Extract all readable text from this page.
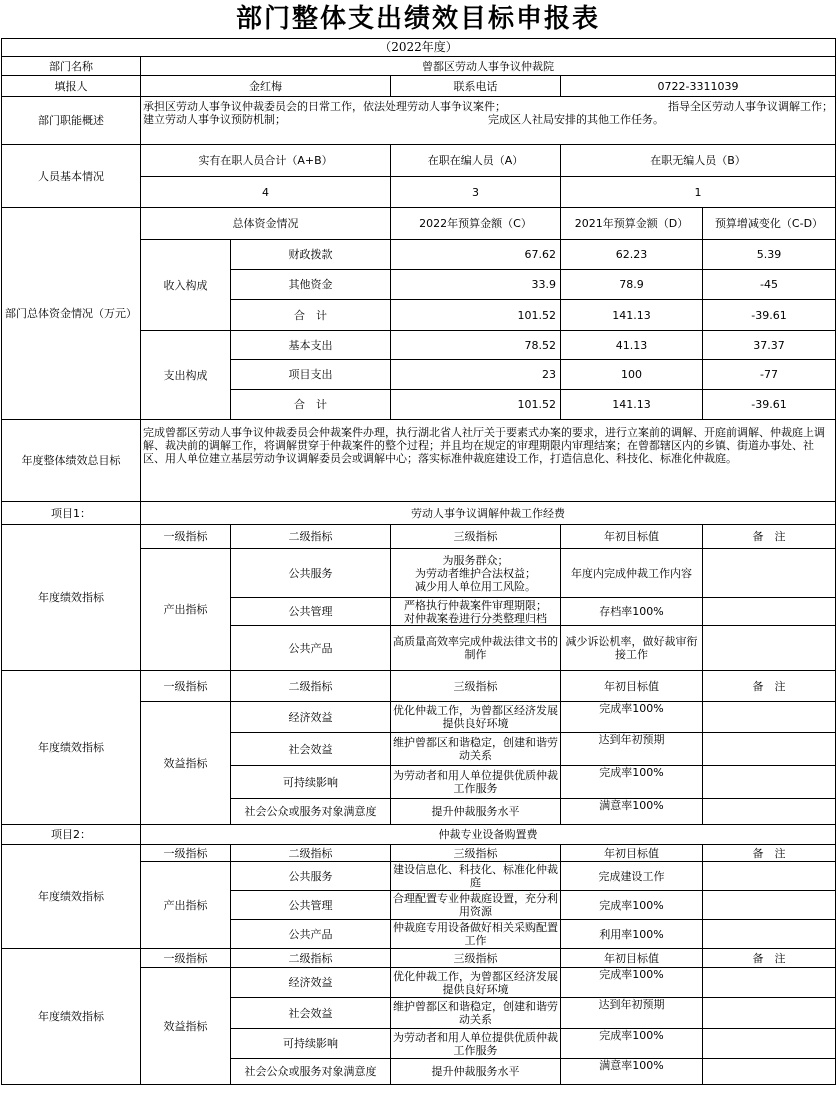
部门整体支出绩效目标申报表
（2022年度）					
部门名称	曾都区劳动人事争议仲裁院				
填报人	金红梅		联系电话	0722-3311039	
部门职能概述	承担区劳动人事争议仲裁委员会的日常工作，依法处理劳动人事争议案件； 指导全区劳动人事争议调解工作；
建立劳动人事争议预防机制； 完成区人社局安排的其他工作任务。				

人员基本情况	实有在职人员合计（A+B）		在职在编人员（A）	在职无编人员（B）	
	4		3	1	
部门总体资金情况（万元）	总体资金情况		2022年预算金额（C）	2021年预算金额（D）	预算增减变化（C-D）
	收入构成	财政拨款	67.62	62.23	5.39
		其他资金	33.9	78.9	-45
		合　计	101.52	141.13	-39.61
	支出构成	基本支出	78.52	41.13	37.37
		项目支出	23	100	-77
		合　计	101.52	141.13	-39.61
年度整体绩效总目标	完成曾都区劳动人事争议仲裁委员会仲裁案件办理，执行湖北省人社厅关于要素式办案的要求，进行立案前的调解、开庭前调解、仲裁庭上调解、裁决前的调解工作，将调解贯穿于仲裁案件的整个过程；并且均在规定的审理期限内审理结案；在曾都辖区内的乡镇、街道办事处、社区、用人单位建立基层劳动争议调解委员会或调解中心；落实标准仲裁庭建设工作，打造信息化、科技化、标准化仲裁庭。				
项目1：	劳动人事争议调解仲裁工作经费				
年度绩效指标	一级指标	二级指标	三级指标	年初目标值	备　注
	产出指标	公共服务	为服务群众；
为劳动者维护合法权益；
减少用人单位用工风险。	年度内完成仲裁工作内容	
		公共管理	严格执行仲裁案件审理期限；
对仲裁案卷进行分类整理归档	存档率100%	
		公共产品	高质量高效率完成仲裁法律文书的制作	减少诉讼机率，做好裁审衔接工作	
年度绩效指标	一级指标	二级指标	三级指标	年初目标值	备　注
	效益指标	经济效益	优化仲裁工作，为曾都区经济发展提供良好环境	完成率100%	
		社会效益	维护曾都区和谐稳定，创建和谐劳动关系	达到年初预期	
		可持续影响	为劳动者和用人单位提供优质仲裁工作服务	完成率100%	
		社会公众或服务对象满意度	提升仲裁服务水平	满意率100%	
项目2：	仲裁专业设备购置费				
年度绩效指标	一级指标	二级指标	三级指标	年初目标值	备　注
	产出指标	公共服务	建设信息化、科技化、标准化仲裁庭	完成建设工作	
		公共管理	合理配置专业仲裁庭设置，充分利用资源	完成率100%	
		公共产品	仲裁庭专用设备做好相关采购配置工作	利用率100%	
年度绩效指标	一级指标	二级指标	三级指标	年初目标值	备　注
	效益指标	经济效益	优化仲裁工作，为曾都区经济发展提供良好环境	完成率100%	
		社会效益	维护曾都区和谐稳定，创建和谐劳动关系	达到年初预期	
		可持续影响	为劳动者和用人单位提供优质仲裁工作服务	完成率100%	
		社会公众或服务对象满意度	提升仲裁服务水平	满意率100%	
